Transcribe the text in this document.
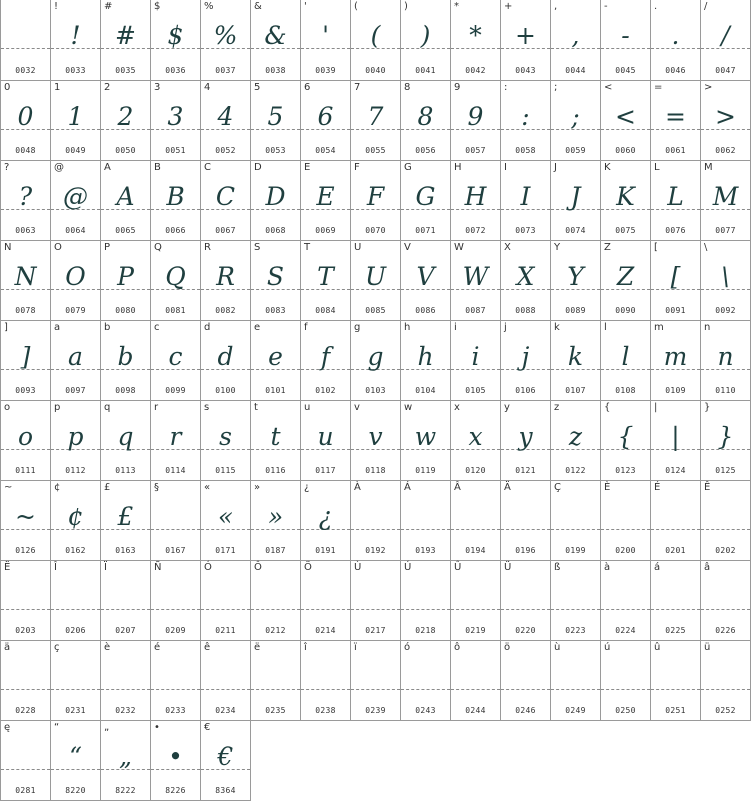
0032
!
!
0033
#
#
0035
$
$
0036
%
%
0037
&
&
0038
'
'
0039
(
(
0040
)
)
0041
*
*
0042
+
+
0043
,
,
0044
-
-
0045
.
.
0046
/
/
0047
0
0
0048
1
1
0049
2
2
0050
3
3
0051
4
4
0052
5
5
0053
6
6
0054
7
7
0055
8
8
0056
9
9
0057
:
:
0058
;
;
0059
<
<
0060
=
=
0061
>
>
0062
?
?
0063
@
@
0064
A
A
0065
B
B
0066
C
C
0067
D
D
0068
E
E
0069
F
F
0070
G
G
0071
H
H
0072
I
I
0073
J
J
0074
K
K
0075
L
L
0076
M
M
0077
N
N
0078
O
O
0079
P
P
0080
Q
Q
0081
R
R
0082
S
S
0083
T
T
0084
U
U
0085
V
V
0086
W
W
0087
X
X
0088
Y
Y
0089
Z
Z
0090
[
[
0091
\
\
0092
]
]
0093
a
a
0097
b
b
0098
c
c
0099
d
d
0100
e
e
0101
f
f
0102
g
g
0103
h
h
0104
i
i
0105
j
j
0106
k
k
0107
l
l
0108
m
m
0109
n
n
0110
o
o
0111
p
p
0112
q
q
0113
r
r
0114
s
s
0115
t
t
0116
u
u
0117
v
v
0118
w
w
0119
x
x
0120
y
y
0121
z
z
0122
{
{
0123
|
|
0124
}
}
0125
~
~
0126
¢
¢
0162
£
£
0163
§
0167
«
«
0171
»
»
0187
¿
¿
0191
À
0192
Á
0193
Â
0194
Ä
0196
Ç
0199
È
0200
É
0201
Ê
0202
Ë
0203
Î
0206
Ï
0207
Ñ
0209
Ó
0211
Ô
0212
Ö
0214
Ù
0217
Ú
0218
Û
0219
Ü
0220
ß
0223
à
0224
á
0225
â
0226
ä
0228
ç
0231
è
0232
é
0233
ê
0234
ë
0235
î
0238
ï
0239
ó
0243
ô
0244
ö
0246
ù
0249
ú
0250
û
0251
ü
0252
ę
0281
“
“
8220
„
„
8222
•
•
8226
€
€
8364
